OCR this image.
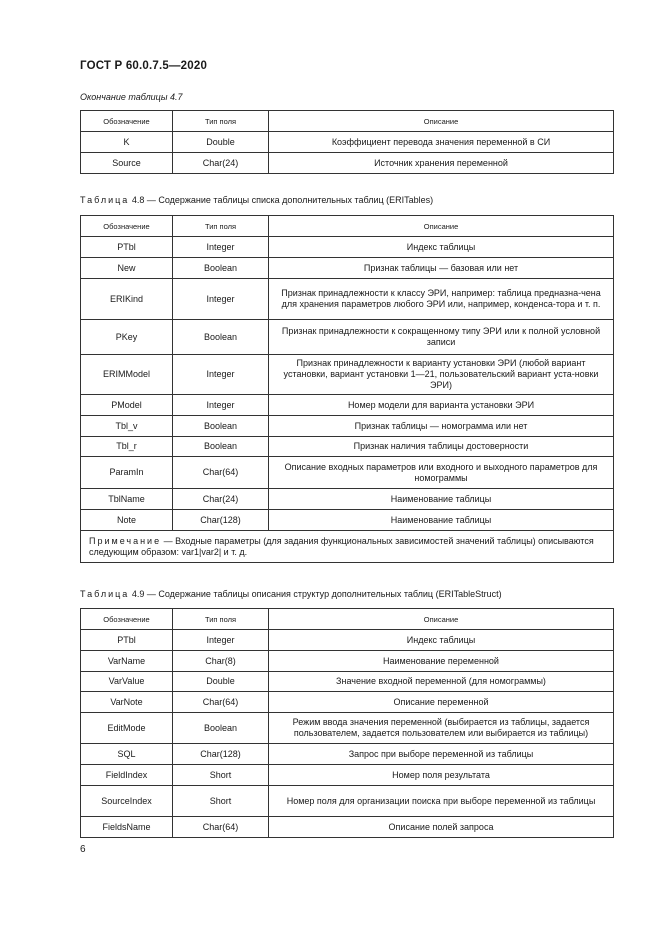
ГОСТ Р 60.0.7.5—2020
Окончание таблицы 4.7
Обозначение	Тип поля	Описание
K	Double	Коэффициент перевода значения переменной в СИ
Source	Char(24)	Источник хранения переменной
Таблица 4.8 — Содержание таблицы списка дополнительных таблиц (ERITables)
Обозначение	Тип поля	Описание
PTbl	Integer	Индекс таблицы
New	Boolean	Признак таблицы — базовая или нет
ERIKind	Integer	Признак принадлежности к классу ЭРИ, например: таблица предназна-чена для хранения параметров любого ЭРИ или, например, конденса-тора и т. п.
PKey	Boolean	Признак принадлежности к сокращенному типу ЭРИ или к полной условной записи
ERIMModel	Integer	Признак принадлежности к варианту установки ЭРИ (любой вариант установки, вариант установки 1—21, пользовательский вариант уста-новки ЭРИ)
PModel	Integer	Номер модели для варианта установки ЭРИ
Tbl_v	Boolean	Признак таблицы — номограмма или нет
Tbl_r	Boolean	Признак наличия таблицы достоверности
ParamIn	Char(64)	Описание входных параметров или входного и выходного параметров для номограммы
TblName	Char(24)	Наименование таблицы
Note	Char(128)	Наименование таблицы
Примечание — Входные параметры (для задания функциональных зависимостей значений таблицы) описываются следующим образом: var1|var2| и т. д.		
Таблица 4.9 — Содержание таблицы описания структур дополнительных таблиц (ERITableStruct)
Обозначение	Тип поля	Описание
PTbl	Integer	Индекс таблицы
VarName	Char(8)	Наименование переменной
VarValue	Double	Значение входной переменной (для номограммы)
VarNote	Char(64)	Описание переменной
EditMode	Boolean	Режим ввода значения переменной (выбирается из таблицы, задается пользователем, задается пользователем или выбирается из таблицы)
SQL	Char(128)	Запрос при выборе переменной из таблицы
FieldIndex	Short	Номер поля результата
SourceIndex	Short	Номер поля для организации поиска при выборе переменной из таблицы
FieldsName	Char(64)	Описание полей запроса
6
